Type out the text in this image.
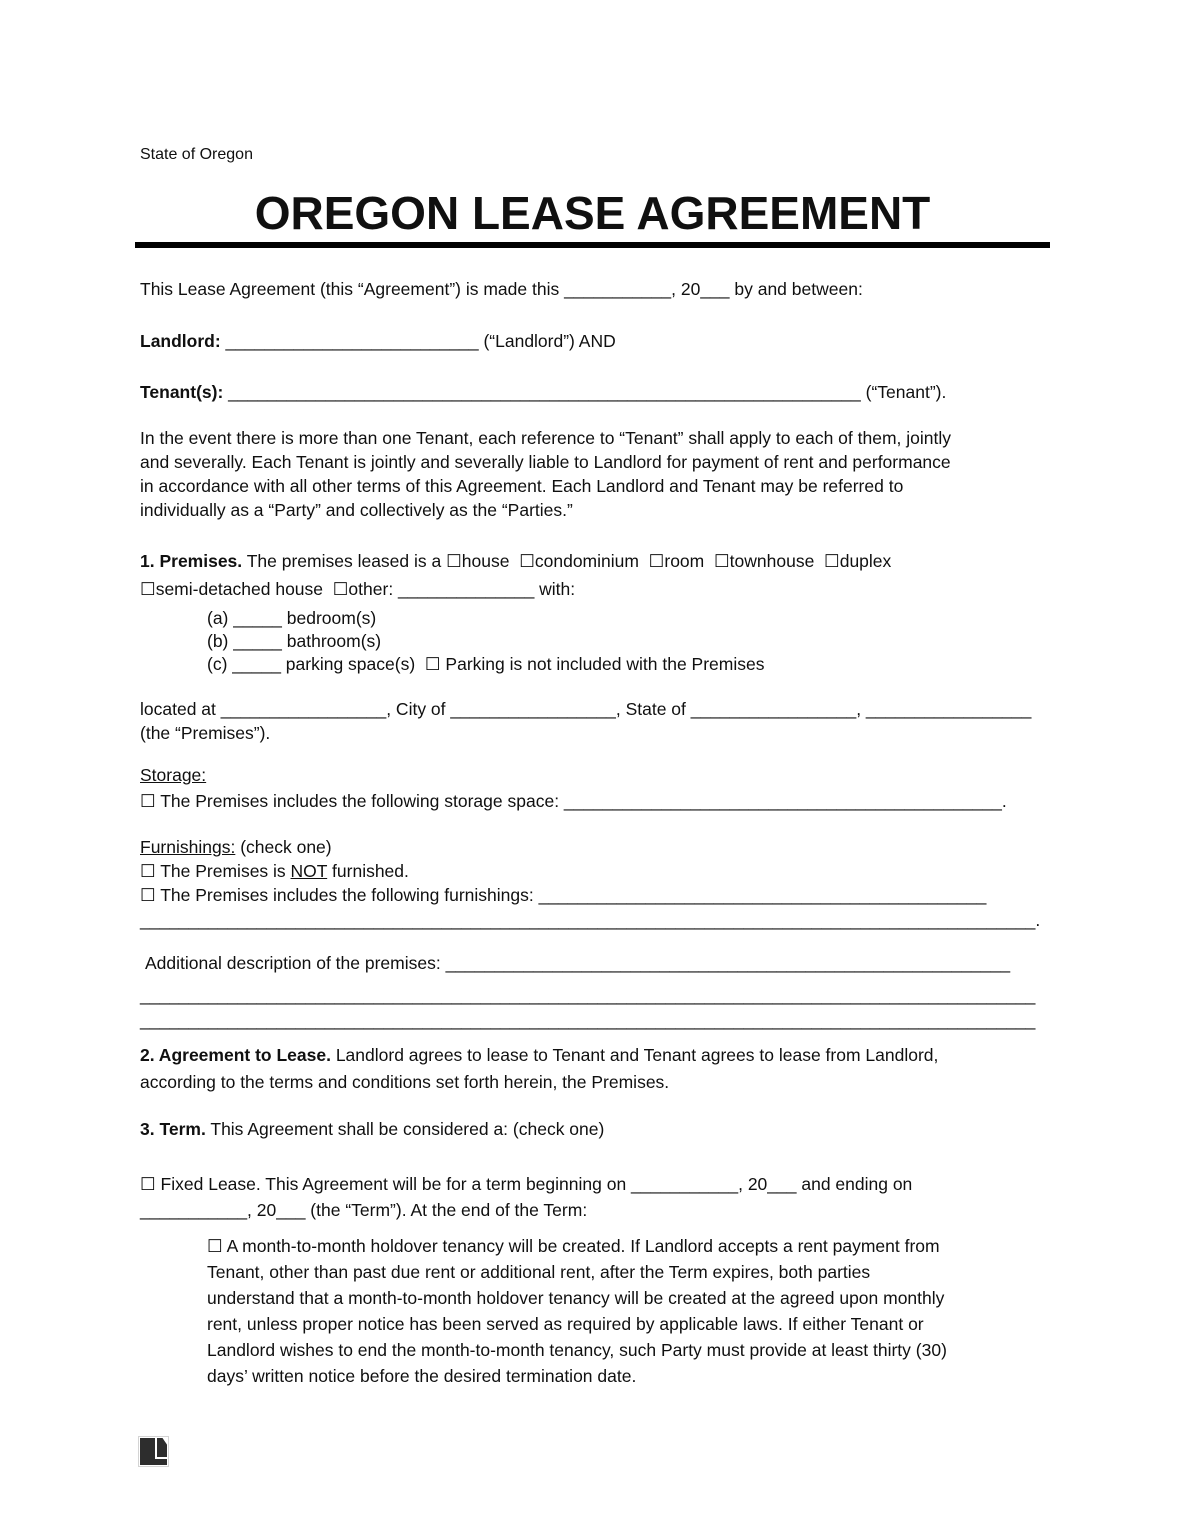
State of Oregon
OREGON LEASE AGREEMENT
This Lease Agreement (this “Agreement”) is made this ___________, 20___ by and between:
Landlord: __________________________ (“Landlord”) AND
Tenant(s): _________________________________________________________________ (“Tenant”).
In the event there is more than one Tenant, each reference to “Tenant” shall apply to each of them, jointly
and severally. Each Tenant is jointly and severally liable to Landlord for payment of rent and performance
in accordance with all other terms of this Agreement. Each Landlord and Tenant may be referred to
individually as a “Party” and collectively as the “Parties.”
1. Premises. The premises leased is a ☐house  ☐condominium  ☐room  ☐townhouse  ☐duplex
☐semi-detached house  ☐other: ______________ with:
(a) _____ bedroom(s)
(b) _____ bathroom(s)
(c) _____ parking space(s)  ☐ Parking is not included with the Premises
located at _________________, City of _________________, State of _________________, _________________
(the “Premises”).
Storage:
☐ The Premises includes the following storage space: _____________________________________________.
Furnishings: (check one)
☐ The Premises is NOT furnished.
☐ The Premises includes the following furnishings: ______________________________________________
____________________________________________________________________________________________.
Additional description of the premises: __________________________________________________________
____________________________________________________________________________________________
____________________________________________________________________________________________
2. Agreement to Lease. Landlord agrees to lease to Tenant and Tenant agrees to lease from Landlord,
according to the terms and conditions set forth herein, the Premises.
3. Term. This Agreement shall be considered a: (check one)
☐ Fixed Lease. This Agreement will be for a term beginning on ___________, 20___ and ending on
___________, 20___ (the “Term”). At the end of the Term:
☐ A month-to-month holdover tenancy will be created. If Landlord accepts a rent payment from
Tenant, other than past due rent or additional rent, after the Term expires, both parties
understand that a month-to-month holdover tenancy will be created at the agreed upon monthly
rent, unless proper notice has been served as required by applicable laws. If either Tenant or
Landlord wishes to end the month-to-month tenancy, such Party must provide at least thirty (30)
days’ written notice before the desired termination date.
